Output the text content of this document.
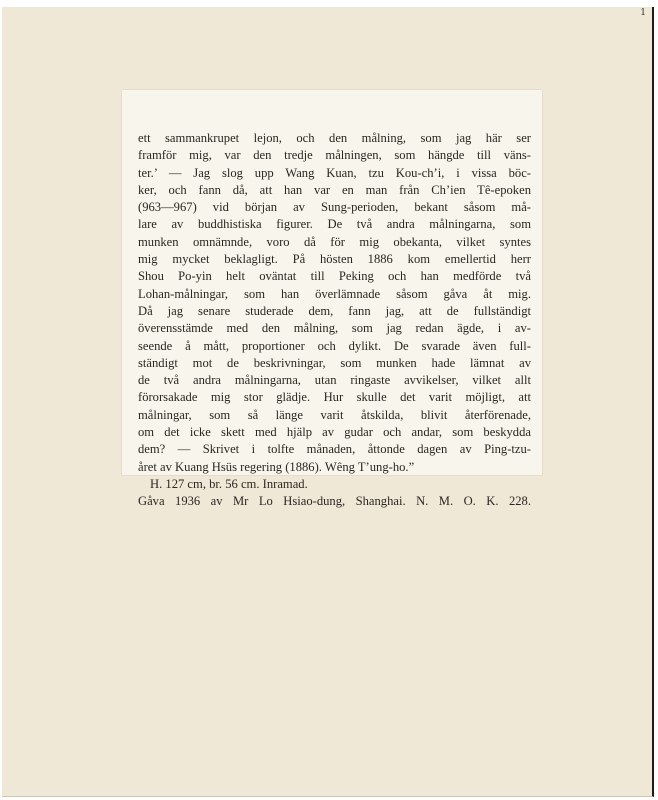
1
ett sammankrupet lejon, och den målning, som jag här ser
framför mig, var den tredje målningen, som hängde till väns-
ter.’ — Jag slog upp Wang Kuan, tzu Kou-ch’i, i vissa böc-
ker, och fann då, att han var en man från Ch’ien Tê-epoken
(963—967) vid början av Sung-perioden, bekant såsom må-
lare av buddhistiska figurer. De två andra målningarna, som
munken omnämnde, voro då för mig obekanta, vilket syntes
mig mycket beklagligt. På hösten 1886 kom emellertid herr
Shou Po-yin helt oväntat till Peking och han medförde två
Lohan-målningar, som han överlämnade såsom gåva åt mig.
Då jag senare studerade dem, fann jag, att de fullständigt
överensstämde med den målning, som jag redan ägde, i av-
seende å mått, proportioner och dylikt. De svarade även full-
ständigt mot de beskrivningar, som munken hade lämnat av
de två andra målningarna, utan ringaste avvikelser, vilket allt
förorsakade mig stor glädje. Hur skulle det varit möjligt, att
målningar, som så länge varit åtskilda, blivit återförenade,
om det icke skett med hjälp av gudar och andar, som beskydda
dem? — Skrivet i tolfte månaden, åttonde dagen av Ping-tzu-
året av Kuang Hsüs regering (1886). Wêng T’ung-ho.”
H. 127 cm, br. 56 cm. Inramad.
Gåva 1936 av Mr Lo Hsiao-dung, Shanghai. N. M. O. K. 228.
